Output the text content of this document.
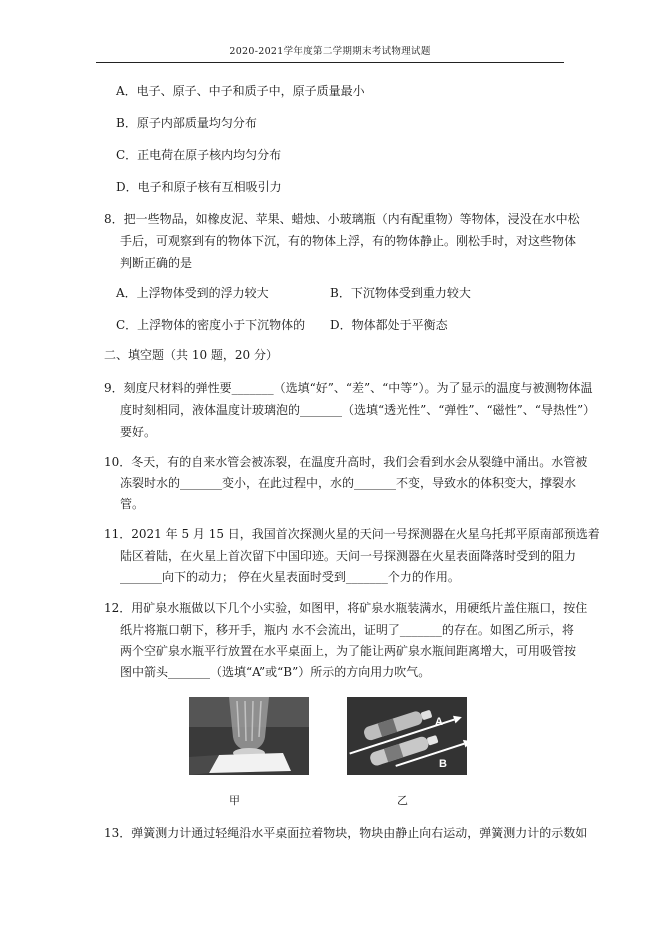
2020-2021学年度第二学期期末考试物理试题
A．电子、原子、中子和质子中，原子质量最小
B．原子内部质量均匀分布
C．正电荷在原子核内均匀分布
D．电子和原子核有互相吸引力
8．把一些物品，如橡皮泥、苹果、蜡烛、小玻璃瓶（内有配重物）等物体，浸没在水中松
手后，可观察到有的物体下沉，有的物体上浮，有的物体静止。刚松手时，对这些物体
判断正确的是
A．上浮物体受到的浮力较大	B．下沉物体受到重力较大
C．上浮物体的密度小于下沉物体的 D．物体都处于平衡态
二、填空题（共 10 题，20 分）
9．刻度尺材料的弹性要_______（选填“好”、“差”、“中等”）。为了显示的温度与被测物体温
度时刻相同，液体温度计玻璃泡的_______（选填“透光性”、“弹性”、“磁性”、“导热性”）
要好。
10．冬天，有的自来水管会被冻裂，在温度升高时，我们会看到水会从裂缝中涌出。水管被
冻裂时水的_______变小，在此过程中，水的_______不变，导致水的体积变大，撑裂水
管。
11．2021 年 5 月 15 日，我国首次探测火星的天问一号探测器在火星乌托邦平原南部预选着
陆区着陆，在火星上首次留下中国印迹。天问一号探测器在火星表面降落时受到的阻力
_______向下的动力； 停在火星表面时受到_______个力的作用。
12．用矿泉水瓶做以下几个小实验，如图甲，将矿泉水瓶装满水，用硬纸片盖住瓶口，按住
纸片将瓶口朝下，移开手，瓶内 水不会流出，证明了_______的存在。如图乙所示，将
两个空矿泉水瓶平行放置在水平桌面上，为了能让两矿泉水瓶间距离增大，可用吸管按
图中箭头_______（选填“A”或“B”）所示的方向用力吹气。
A
B
甲	乙
13．弹簧测力计通过轻绳沿水平桌面拉着物块，物块由静止向右运动，弹簧测力计的示数如
